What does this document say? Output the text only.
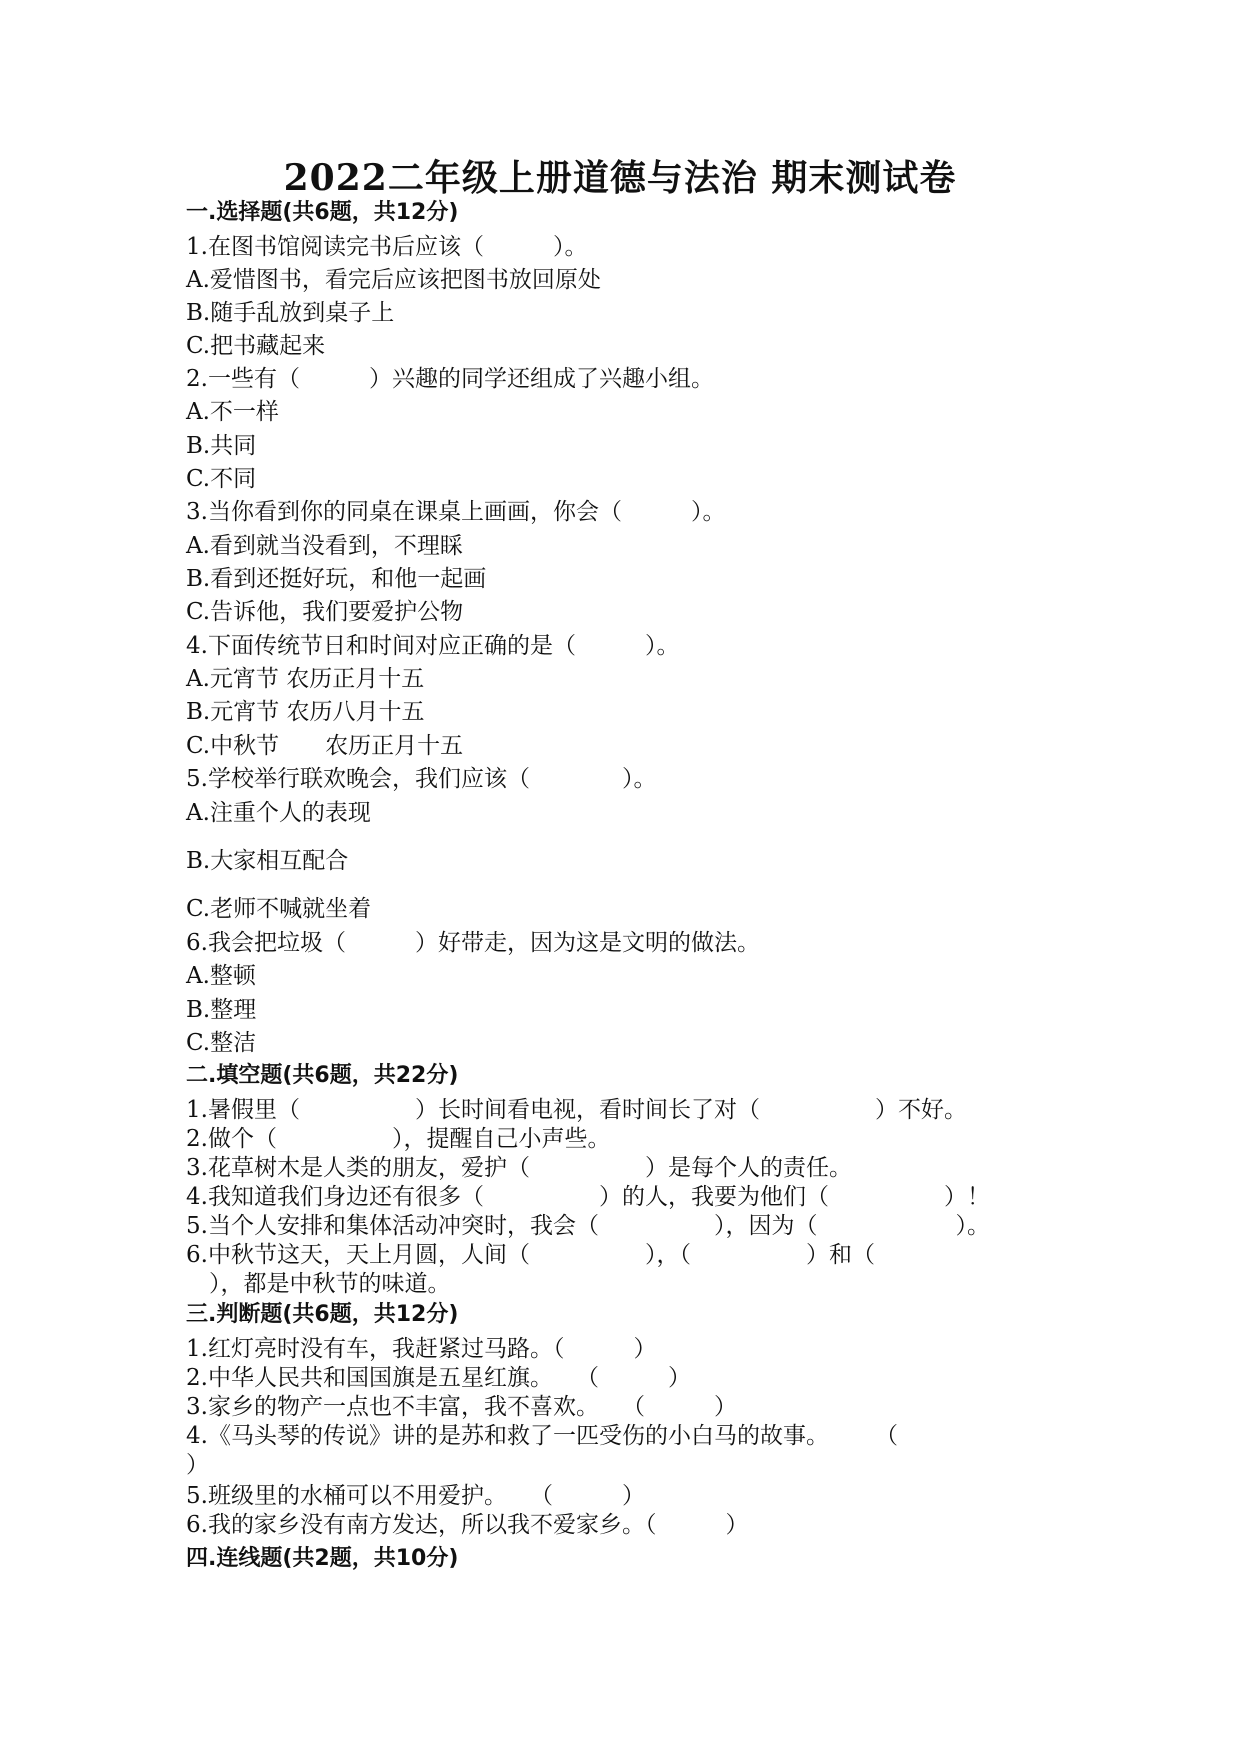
2022二年级上册道德与法治 期末测试卷
一.选择题(共6题，共12分)
1.在图书馆阅读完书后应该（　　　）。
A.爱惜图书，看完后应该把图书放回原处
B.随手乱放到桌子上
C.把书藏起来
2.一些有（　　　）兴趣的同学还组成了兴趣小组。
A.不一样
B.共同
C.不同
3.当你看到你的同桌在课桌上画画，你会（　　　）。
A.看到就当没看到，不理睬
B.看到还挺好玩，和他一起画
C.告诉他，我们要爱护公物
4.下面传统节日和时间对应正确的是（　　　）。
A.元宵节 农历正月十五
B.元宵节 农历八月十五
C.中秋节　　农历正月十五
5.学校举行联欢晚会，我们应该（　　　　）。
A.注重个人的表现
B.大家相互配合
C.老师不喊就坐着
6.我会把垃圾（　　　）好带走，因为这是文明的做法。
A.整顿
B.整理
C.整洁
二.填空题(共6题，共22分)
1.暑假里（　　　　　）长时间看电视，看时间长了对（　　　　　）不好。
2.做个（　　　　　），提醒自己小声些。
3.花草树木是人类的朋友，爱护（　　　　　）是每个人的责任。
4.我知道我们身边还有很多（　　　　　）的人，我要为他们（　　　　　）！
5.当个人安排和集体活动冲突时，我会（　　　　　），因为（　　　　　　）。
6.中秋节这天，天上月圆，人间（　　　　　），（　　　　　）和（
　），都是中秋节的味道。
三.判断题(共6题，共12分)
1.红灯亮时没有车，我赶紧过马路。（　　　）
2.中华人民共和国国旗是五星红旗。　　（　　　）
3.家乡的物产一点也不丰富，我不喜欢。　　（　　　）
4.《马头琴的传说》讲的是苏和救了一匹受伤的小白马的故事。　　　（
）
5.班级里的水桶可以不用爱护。　　（　　　）
6.我的家乡没有南方发达，所以我不爱家乡。（　　　）
四.连线题(共2题，共10分)
